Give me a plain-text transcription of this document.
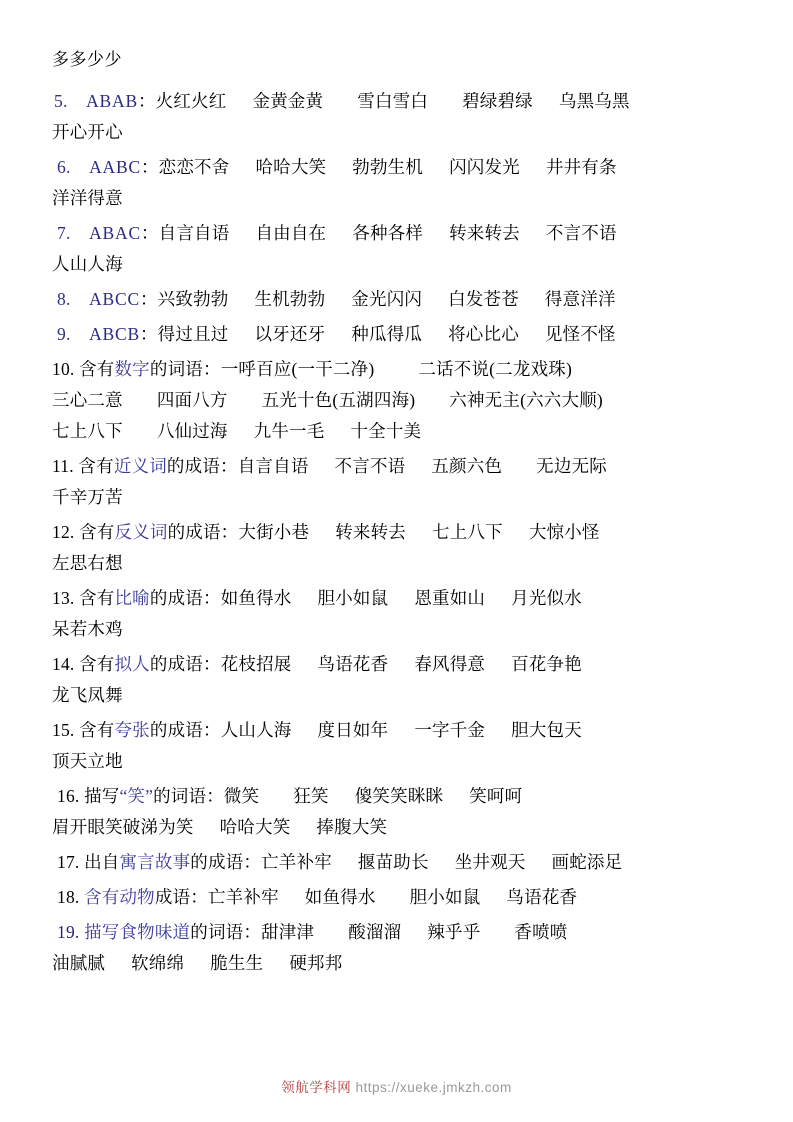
多多少少
5. ABAB：火红火红 金黄金黄 雪白雪白 碧绿碧绿 乌黑乌黑
开心开心
6. AABC：恋恋不舍 哈哈大笑 勃勃生机 闪闪发光 井井有条
洋洋得意
7. ABAC：自言自语 自由自在 各种各样 转来转去 不言不语
人山人海
8. ABCC：兴致勃勃 生机勃勃 金光闪闪 白发苍苍 得意洋洋
9. ABCB：得过且过 以牙还牙 种瓜得瓜 将心比心 见怪不怪
10. 含有数字的词语：一呼百应(一干二净)	二话不说(二龙戏珠)
三心二意 四面八方 五光十色(五湖四海) 六神无主(六六大顺)
七上八下 八仙过海 九牛一毛 十全十美
11. 含有近义词的成语：自言自语 不言不语 五颜六色 无边无际
千辛万苦
12. 含有反义词的成语：大街小巷 转来转去 七上八下 大惊小怪
左思右想
13. 含有比喻的成语：如鱼得水 胆小如鼠 恩重如山 月光似水
呆若木鸡
14. 含有拟人的成语：花枝招展 鸟语花香 春风得意 百花争艳
龙飞凤舞
15. 含有夸张的成语：人山人海 度日如年 一字千金 胆大包天
顶天立地
16. 描写“笑”的词语：微笑 狂笑 傻笑笑眯眯 笑呵呵
眉开眼笑破涕为笑 哈哈大笑 捧腹大笑
17. 出自寓言故事的成语：亡羊补牢 揠苗助长 坐井观天 画蛇添足
18. 含有动物成语：亡羊补牢 如鱼得水 胆小如鼠 鸟语花香
19. 描写食物味道的词语：甜津津 酸溜溜 辣乎乎 香喷喷
油腻腻 软绵绵 脆生生 硬邦邦
领航学科网 https://xueke.jmkzh.com
